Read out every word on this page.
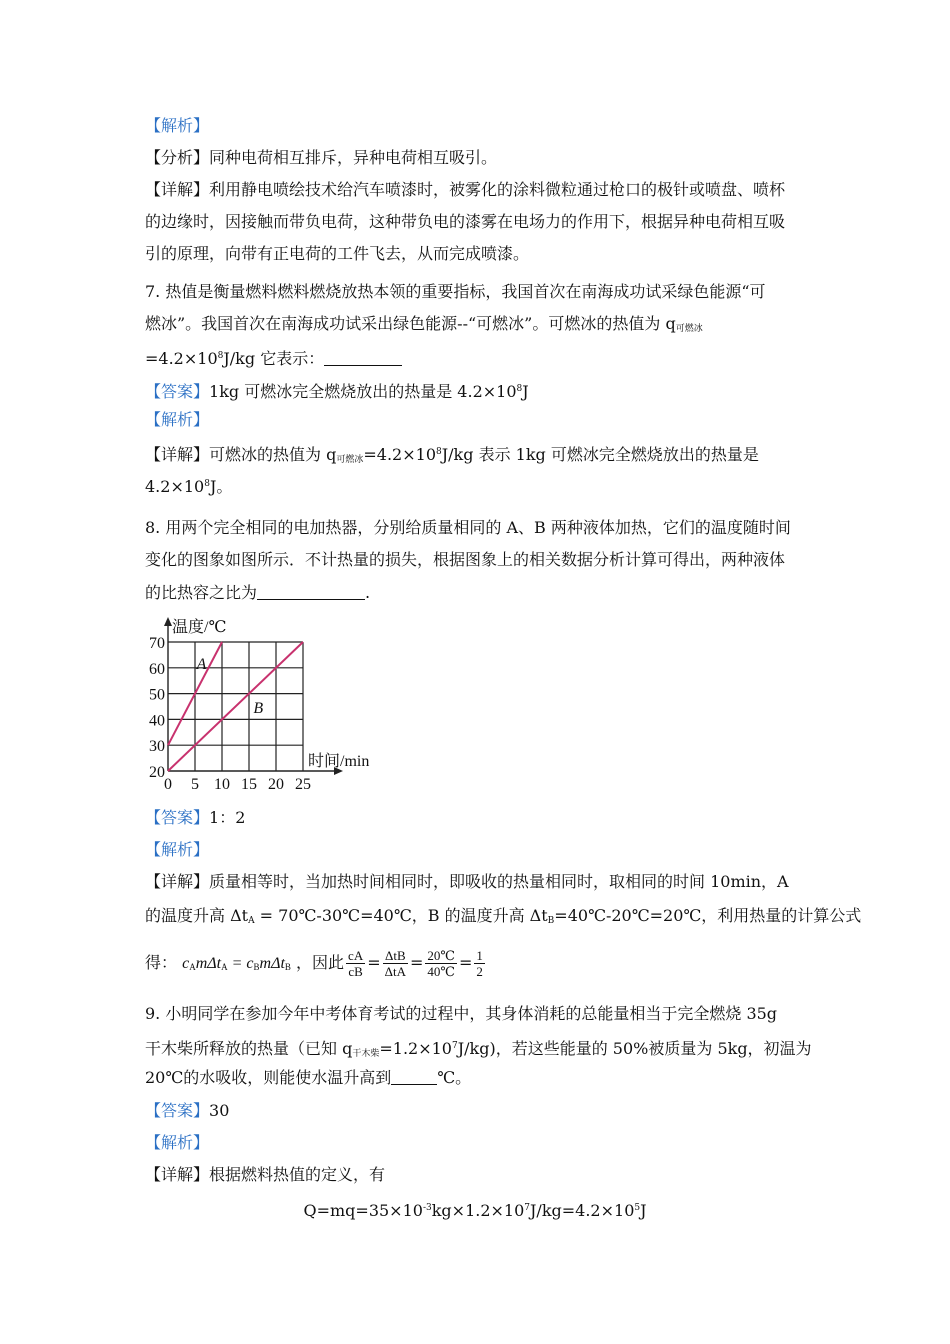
【解析】
【分析】同种电荷相互排斥，异种电荷相互吸引。
【详解】利用静电喷绘技术给汽车喷漆时，被雾化的涂料微粒通过枪口的极针或喷盘、喷杯
的边缘时，因接触而带负电荷，这种带负电的漆雾在电场力的作用下，根据异种电荷相互吸
引的原理，向带有正电荷的工件飞去，从而完成喷漆。
7. 热值是衡量燃料燃料燃烧放热本领的重要指标，我国首次在南海成功试采绿色能源“可
燃冰”。我国首次在南海成功试采出绿色能源--“可燃冰”。可燃冰的热值为 $q_{可燃冰}$
$=4.2\times 10^8J/kg$ 它表示：
【答案】1kg 可燃冰完全燃烧放出的热量是 $4.2\times 10^8J$
【解析】
【详解】可燃冰的热值为 $q_{可燃冰}=4.2\times 10^8J/kg$ 表示 1kg 可燃冰完全燃烧放出的热量是
$4.2\times 10^8J$。
8. 用两个完全相同的电加热器，分别给质量相同的 A、B 两种液体加热，它们的温度随时间
变化的图象如图所示．不计热量的损失，根据图象上的相关数据分析计算可得出，两种液体
的比热容之比为	.
0 5 10 15 20 25
20
30
40
50
60
70
A
B
温度/℃
时间/min
【答案】1：2
【解析】
【详解】质量相等时，当加热时间相同时，即吸收的热量相同时，取相同的时间 10min，A
的温度升高 $\Delta t_A$ = 70℃-30℃=40℃，B 的温度升高 $\Delta t_B=40℃-20℃=20℃$，利用热量的计算公式
得： $c_Am\Delta t_A = c_Bm\Delta t_B$ ，因此 $\frac{cA}{cB} = \frac{\text{ΔtB}}{\text{ΔtA}} = \frac{20℃}{40℃} = \frac{1}{2}$
9. 小明同学在参加今年中考体育考试的过程中，其身体消耗的总能量相当于完全燃烧 35g
干木柴所释放的热量（已知 $q_{干木柴}=1.2\times 10^7J/kg$)，若这些能量的 50%被质量为 5kg，初温为
20℃的水吸收，则能使水温升高到	℃。
【答案】30
【解析】
【详解】根据燃料热值的定义，有
$Q=mq=35\times 10^{-3}kg\times 1.2\times 10^7J/kg=4.2\times 10^5J$
